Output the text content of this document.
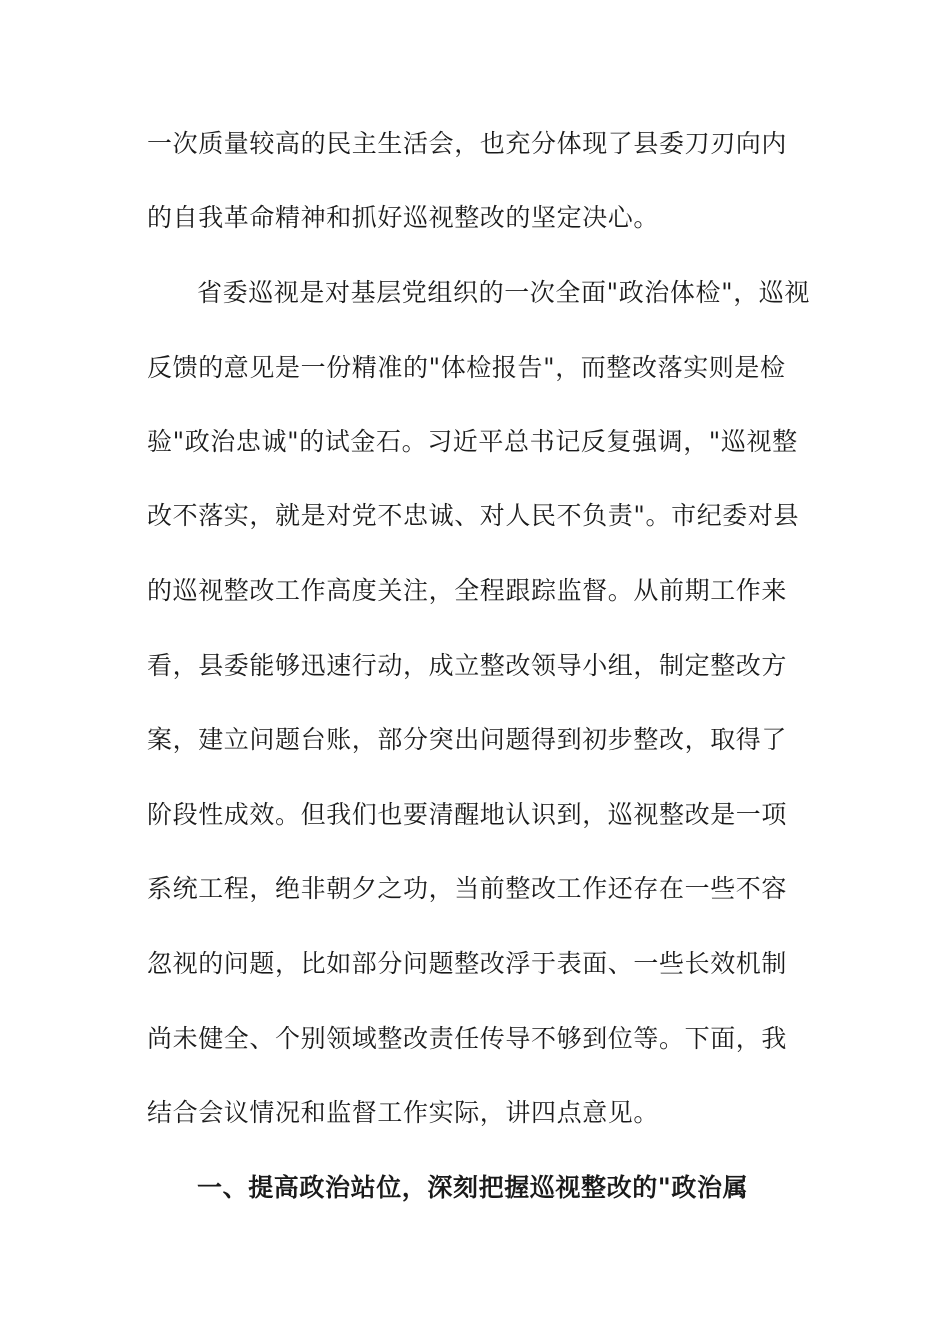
一次质量较高的民主生活会，也充分体现了县委刀刃向内
的自我革命精神和抓好巡视整改的坚定决心。
省委巡视是对基层党组织的一次全面"政治体检"，巡视
反馈的意见是一份精准的"体检报告"，而整改落实则是检
验"政治忠诚"的试金石。习近平总书记反复强调，"巡视整
改不落实，就是对党不忠诚、对人民不负责"。市纪委对县
的巡视整改工作高度关注，全程跟踪监督。从前期工作来
看，县委能够迅速行动，成立整改领导小组，制定整改方
案，建立问题台账，部分突出问题得到初步整改，取得了
阶段性成效。但我们也要清醒地认识到，巡视整改是一项
系统工程，绝非朝夕之功，当前整改工作还存在一些不容
忽视的问题，比如部分问题整改浮于表面、一些长效机制
尚未健全、个别领域整改责任传导不够到位等。下面，我
结合会议情况和监督工作实际，讲四点意见。
一、提高政治站位，深刻把握巡视整改的"政治属
